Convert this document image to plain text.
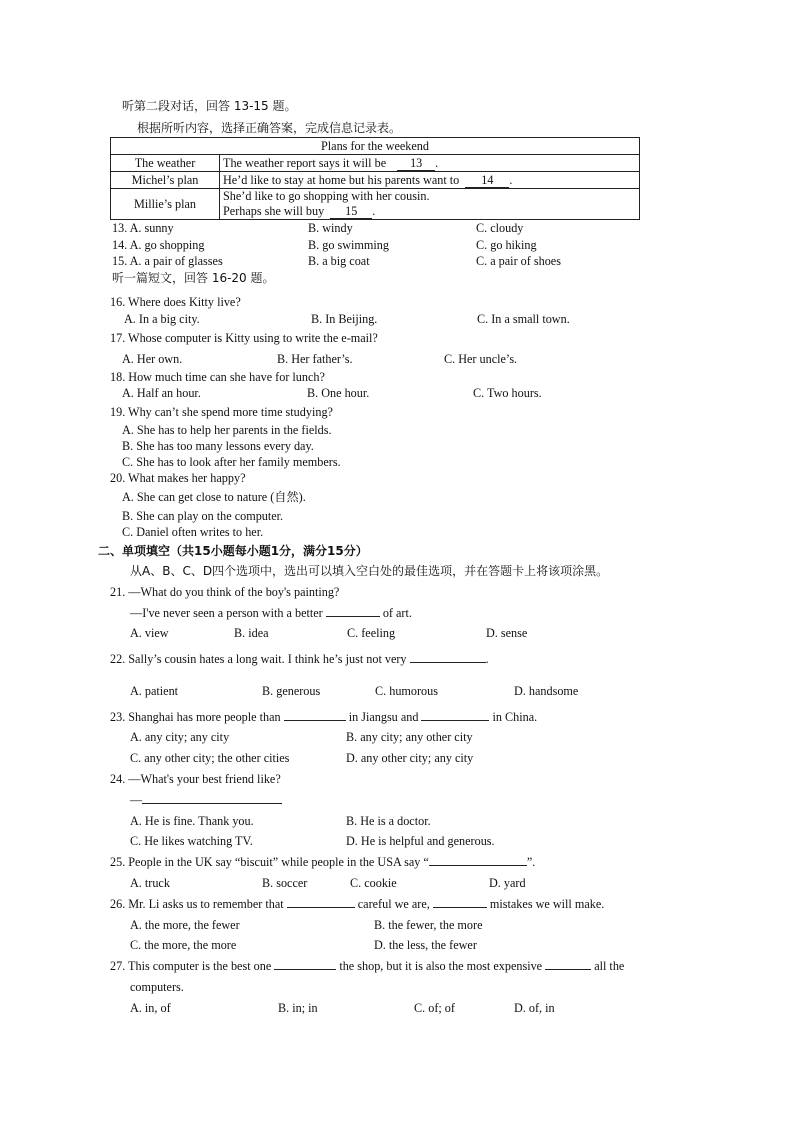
听第二段对话，回答 13-15 题。
根据所听内容，选择正确答案，完成信息记录表。
Plans for the weekend	
The weather	The weather report says it will be 13 .
Michel’s plan	He’d like to stay at home but his parents want to 14 .
Millie’s plan	She’d like to go shopping with her cousin.
Perhaps she will buy 15 .
13. A. sunny	B. windy	C. cloudy
14. A. go shopping	B. go swimming	C. go hiking
15. A. a pair of glasses	B. a big coat	C. a pair of shoes
听一篇短文，回答 16-20 题。
16. Where does Kitty live?
A. In a big city.	B. In Beijing.	C. In a small town.
17. Whose computer is Kitty using to write the e-mail?
A. Her own.	B. Her father’s.	C. Her uncle’s.
18. How much time can she have for lunch?
A. Half an hour.	B. One hour.	C. Two hours.
19. Why can’t she spend more time studying?
A. She has to help her parents in the fields.
B. She has too many lessons every day.
C. She has to look after her family members.
20. What makes her happy?
A. She can get close to nature (自然).
B. She can play on the computer.
C. Daniel often writes to her.
二、单项填空（共15小题每小题1分，满分15分）
从A、B、C、D四个选项中，选出可以填入空白处的最佳选项，并在答题卡上将该项涂黑。
21. —What do you think of the boy's painting?
—I've never seen a person with a better	of art.
A. view	B. idea	C. feeling	D. sense
22. Sally’s cousin hates a long wait. I think he’s just not very	.
A. patient	B. generous	C. humorous	D. handsome
23. Shanghai has more people than	in Jiangsu and	in China.
A. any city; any city	B. any city; any other city
C. any other city; the other cities	D. any other city; any city
24. —What's your best friend like?
—
A. He is fine. Thank you.	B. He is a doctor.
C. He likes watching TV.	D. He is helpful and generous.
25. People in the UK say “biscuit” while people in the USA say “	”.
A. truck	B. soccer	C. cookie	D. yard
26. Mr. Li asks us to remember that	careful we are,	mistakes we will make.
A. the more, the fewer	B. the fewer, the more
C. the more, the more	D. the less, the fewer
27. This computer is the best one	the shop, but it is also the most expensive	all the
computers.
A. in, of	B. in; in	C. of; of	D. of, in
